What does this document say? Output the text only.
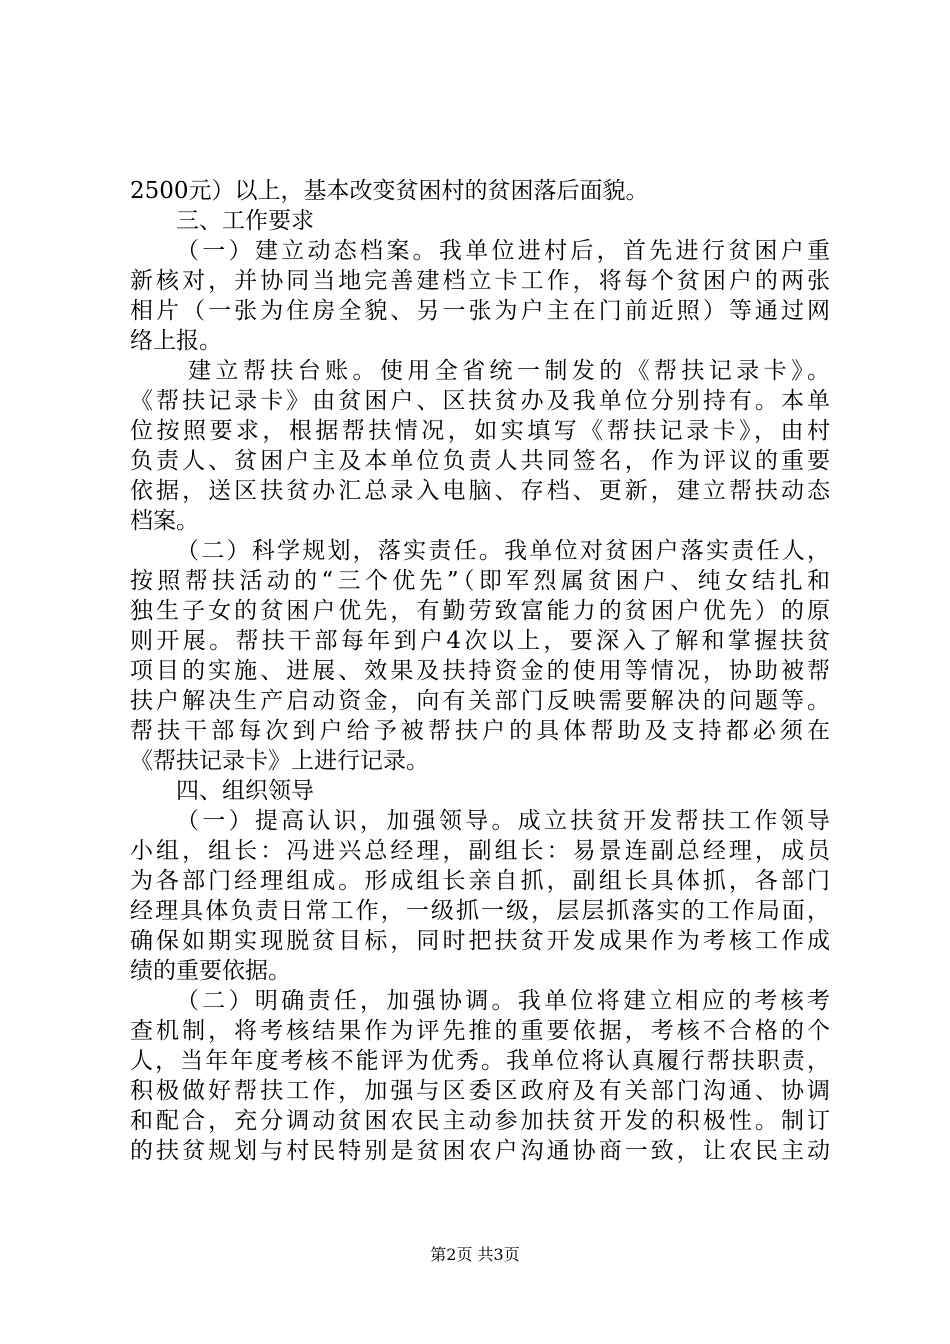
2500元）以上，基本改变贫困村的贫困落后面貌。
三、工作要求
（一）建立动态档案。我单位进村后，首先进行贫困户重
新核对，并协同当地完善建档立卡工作，将每个贫困户的两张
相片（一张为住房全貌、另一张为户主在门前近照）等通过网
络上报。
建立帮扶台账。使用全省统一制发的《帮扶记录卡》。
《帮扶记录卡》由贫困户、区扶贫办及我单位分别持有。本单
位按照要求，根据帮扶情况，如实填写《帮扶记录卡》，由村
负责人、贫困户主及本单位负责人共同签名，作为评议的重要
依据，送区扶贫办汇总录入电脑、存档、更新，建立帮扶动态
档案。
（二）科学规划，落实责任。我单位对贫困户落实责任人，
按照帮扶活动的“三个优先”（即军烈属贫困户、纯女结扎和
独生子女的贫困户优先，有勤劳致富能力的贫困户优先）的原
则开展。帮扶干部每年到户4次以上，要深入了解和掌握扶贫
项目的实施、进展、效果及扶持资金的使用等情况，协助被帮
扶户解决生产启动资金，向有关部门反映需要解决的问题等。
帮扶干部每次到户给予被帮扶户的具体帮助及支持都必须在
《帮扶记录卡》上进行记录。
四、组织领导
（一）提高认识，加强领导。成立扶贫开发帮扶工作领导
小组，组长：冯进兴总经理，副组长：易景连副总经理，成员
为各部门经理组成。形成组长亲自抓，副组长具体抓，各部门
经理具体负责日常工作，一级抓一级，层层抓落实的工作局面，
确保如期实现脱贫目标，同时把扶贫开发成果作为考核工作成
绩的重要依据。
（二）明确责任，加强协调。我单位将建立相应的考核考
查机制，将考核结果作为评先推的重要依据，考核不合格的个
人，当年年度考核不能评为优秀。我单位将认真履行帮扶职责，
积极做好帮扶工作，加强与区委区政府及有关部门沟通、协调
和配合，充分调动贫困农民主动参加扶贫开发的积极性。制订
的扶贫规划与村民特别是贫困农户沟通协商一致，让农民主动
第2页 共3页
